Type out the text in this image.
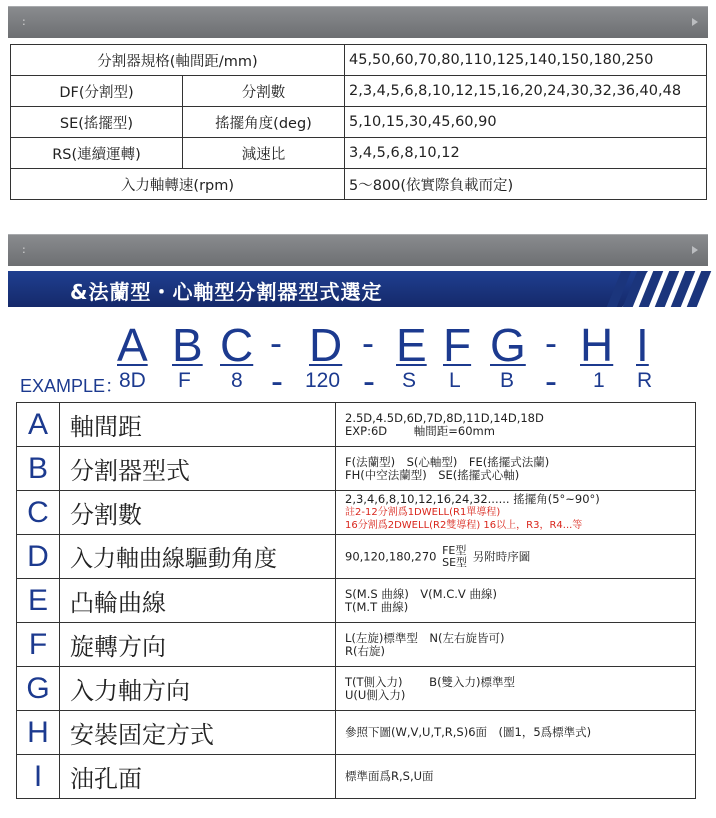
:
分割器規格(軸間距/mm)		45,50,60,70,80,110,125,140,150,180,250
DF(分割型)	分割數	2,3,4,5,6,8,10,12,15,16,20,24,30,32,36,40,48
SE(搖擺型)	搖擺角度(deg)	5,10,15,30,45,60,90
RS(連續運轉)	減速比	3,4,5,6,8,10,12
入力軸轉速(rpm)		5～800(依實際負載而定)
:
&法蘭型・心軸型分割器型式選定
A B C - D - E F G - H I
EXAMPLE：
8D F 8 - 120 - S L B - 1 R
A	軸間距	2.5D,4.5D,6D,7D,8D,11D,14D,18D
EXP:6D　　 軸間距=60mm

B	分割器型式	F(法蘭型)　S(心軸型)　FE(搖擺式法蘭)
FH(中空法蘭型)　SE(搖擺式心軸)

C	分割數	2,3,4,6,8,10,12,16,24,32...... 搖擺角(5°~90°)
註2-12分割爲1DWELL(R1單導程)
16分割爲2DWELL(R2雙導程) 16以上，R3，R4...等

D	入力軸曲線驅動角度	90,120,180,270 FE型
SE型 另附時序圖
E	凸輪曲線	S(M.S 曲線)　V(M.C.V 曲線)
T(M.T 曲線)

F	旋轉方向	L(左旋)標準型　N(左右旋皆可)
R(右旋)

G	入力軸方向	T(T側入力)　　 B(雙入力)標準型
U(U側入力)

H	安裝固定方式	參照下圖(W,V,U,T,R,S)6面　(圖1，5爲標準式)

I	油孔面	標準面爲R,S,U面
